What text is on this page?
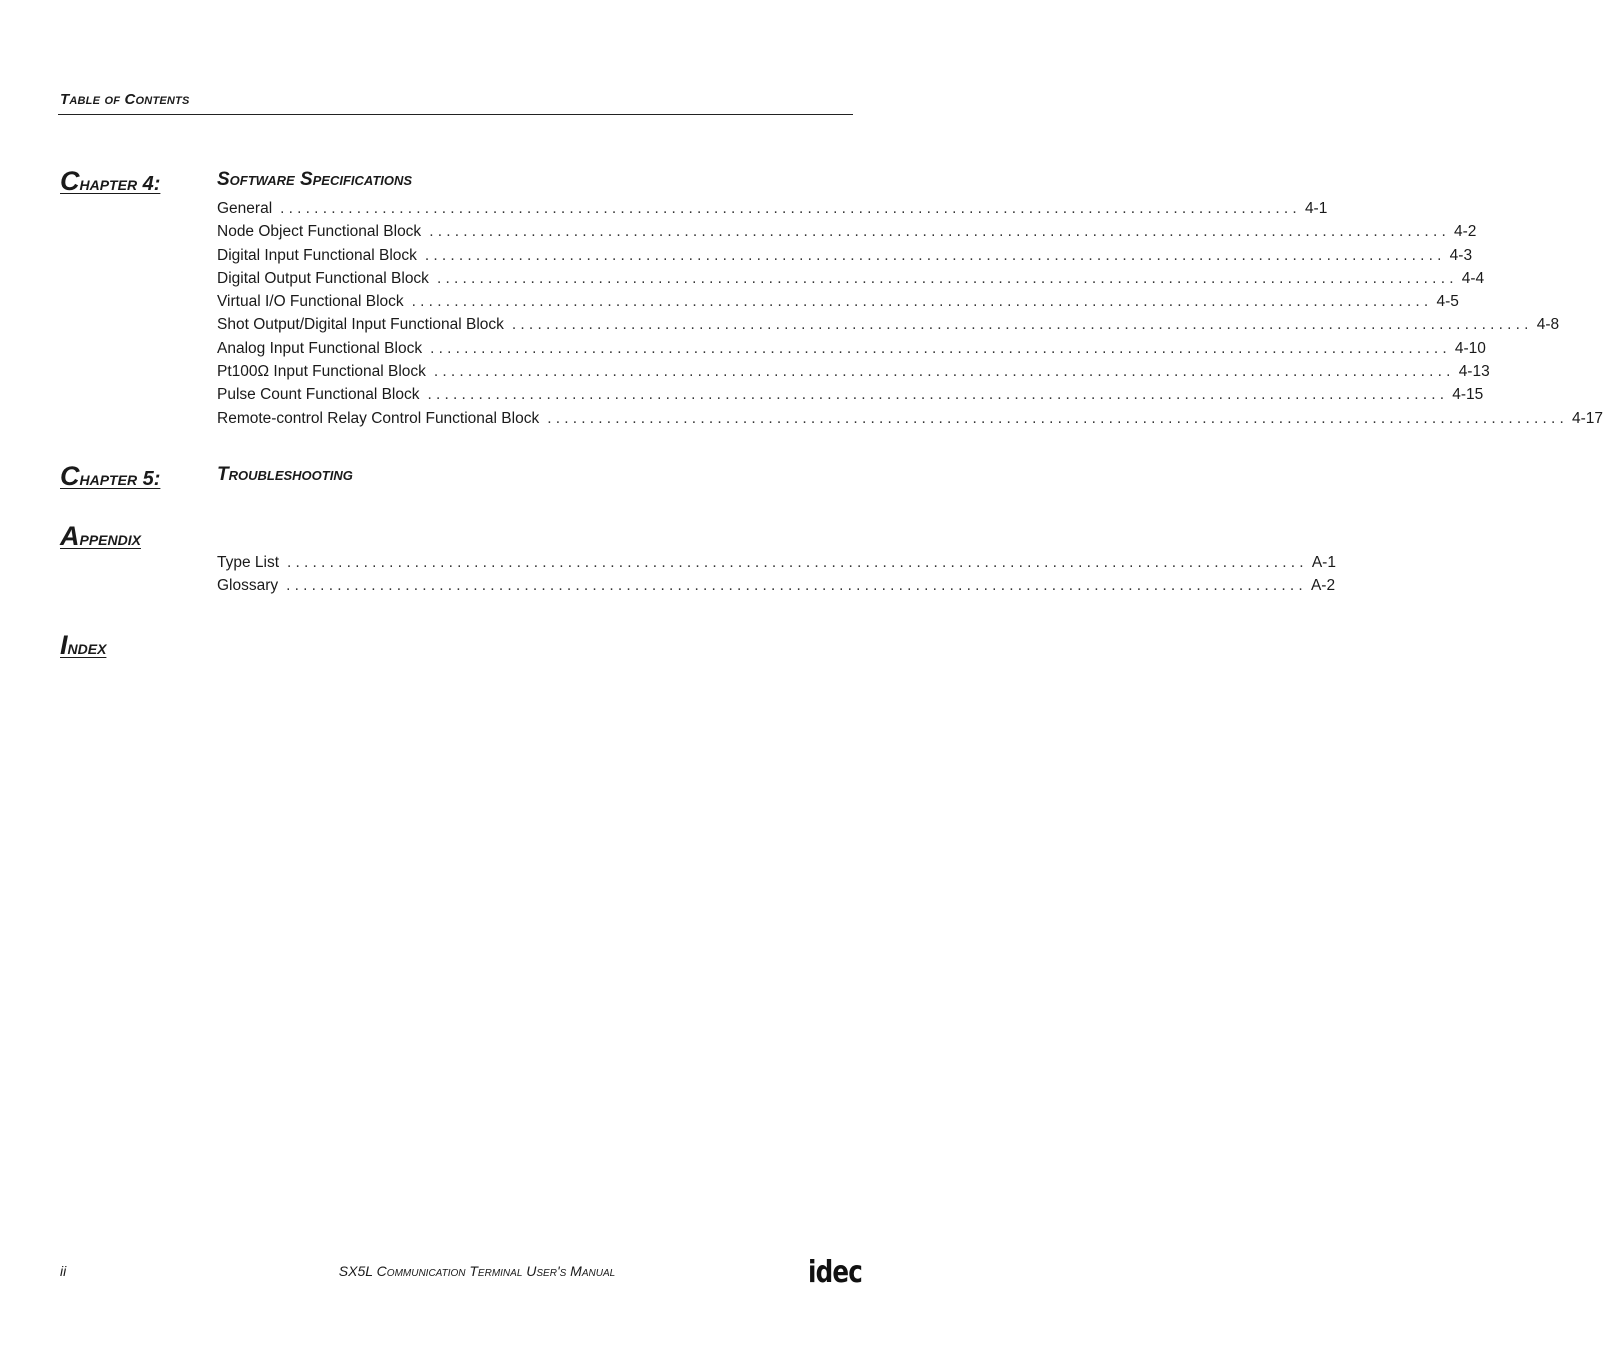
Table of Contents
Chapter 4:	Software Specifications
General ........................................................................................................................ 4-1
Node Object Functional Block ........................................................................................................................ 4-2
Digital Input Functional Block ........................................................................................................................ 4-3
Digital Output Functional Block ........................................................................................................................ 4-4
Virtual I/O Functional Block ........................................................................................................................ 4-5
Shot Output/Digital Input Functional Block ........................................................................................................................ 4-8
Analog Input Functional Block ........................................................................................................................ 4-10
Pt100Ω Input Functional Block ........................................................................................................................ 4-13
Pulse Count Functional Block ........................................................................................................................ 4-15
Remote-control Relay Control Functional Block ........................................................................................................................ 4-17
Chapter 5:	Troubleshooting
Appendix
Type List ........................................................................................................................ A-1
Glossary ........................................................................................................................ A-2
Index
ii	SX5L Communication Terminal User's Manual	idec
